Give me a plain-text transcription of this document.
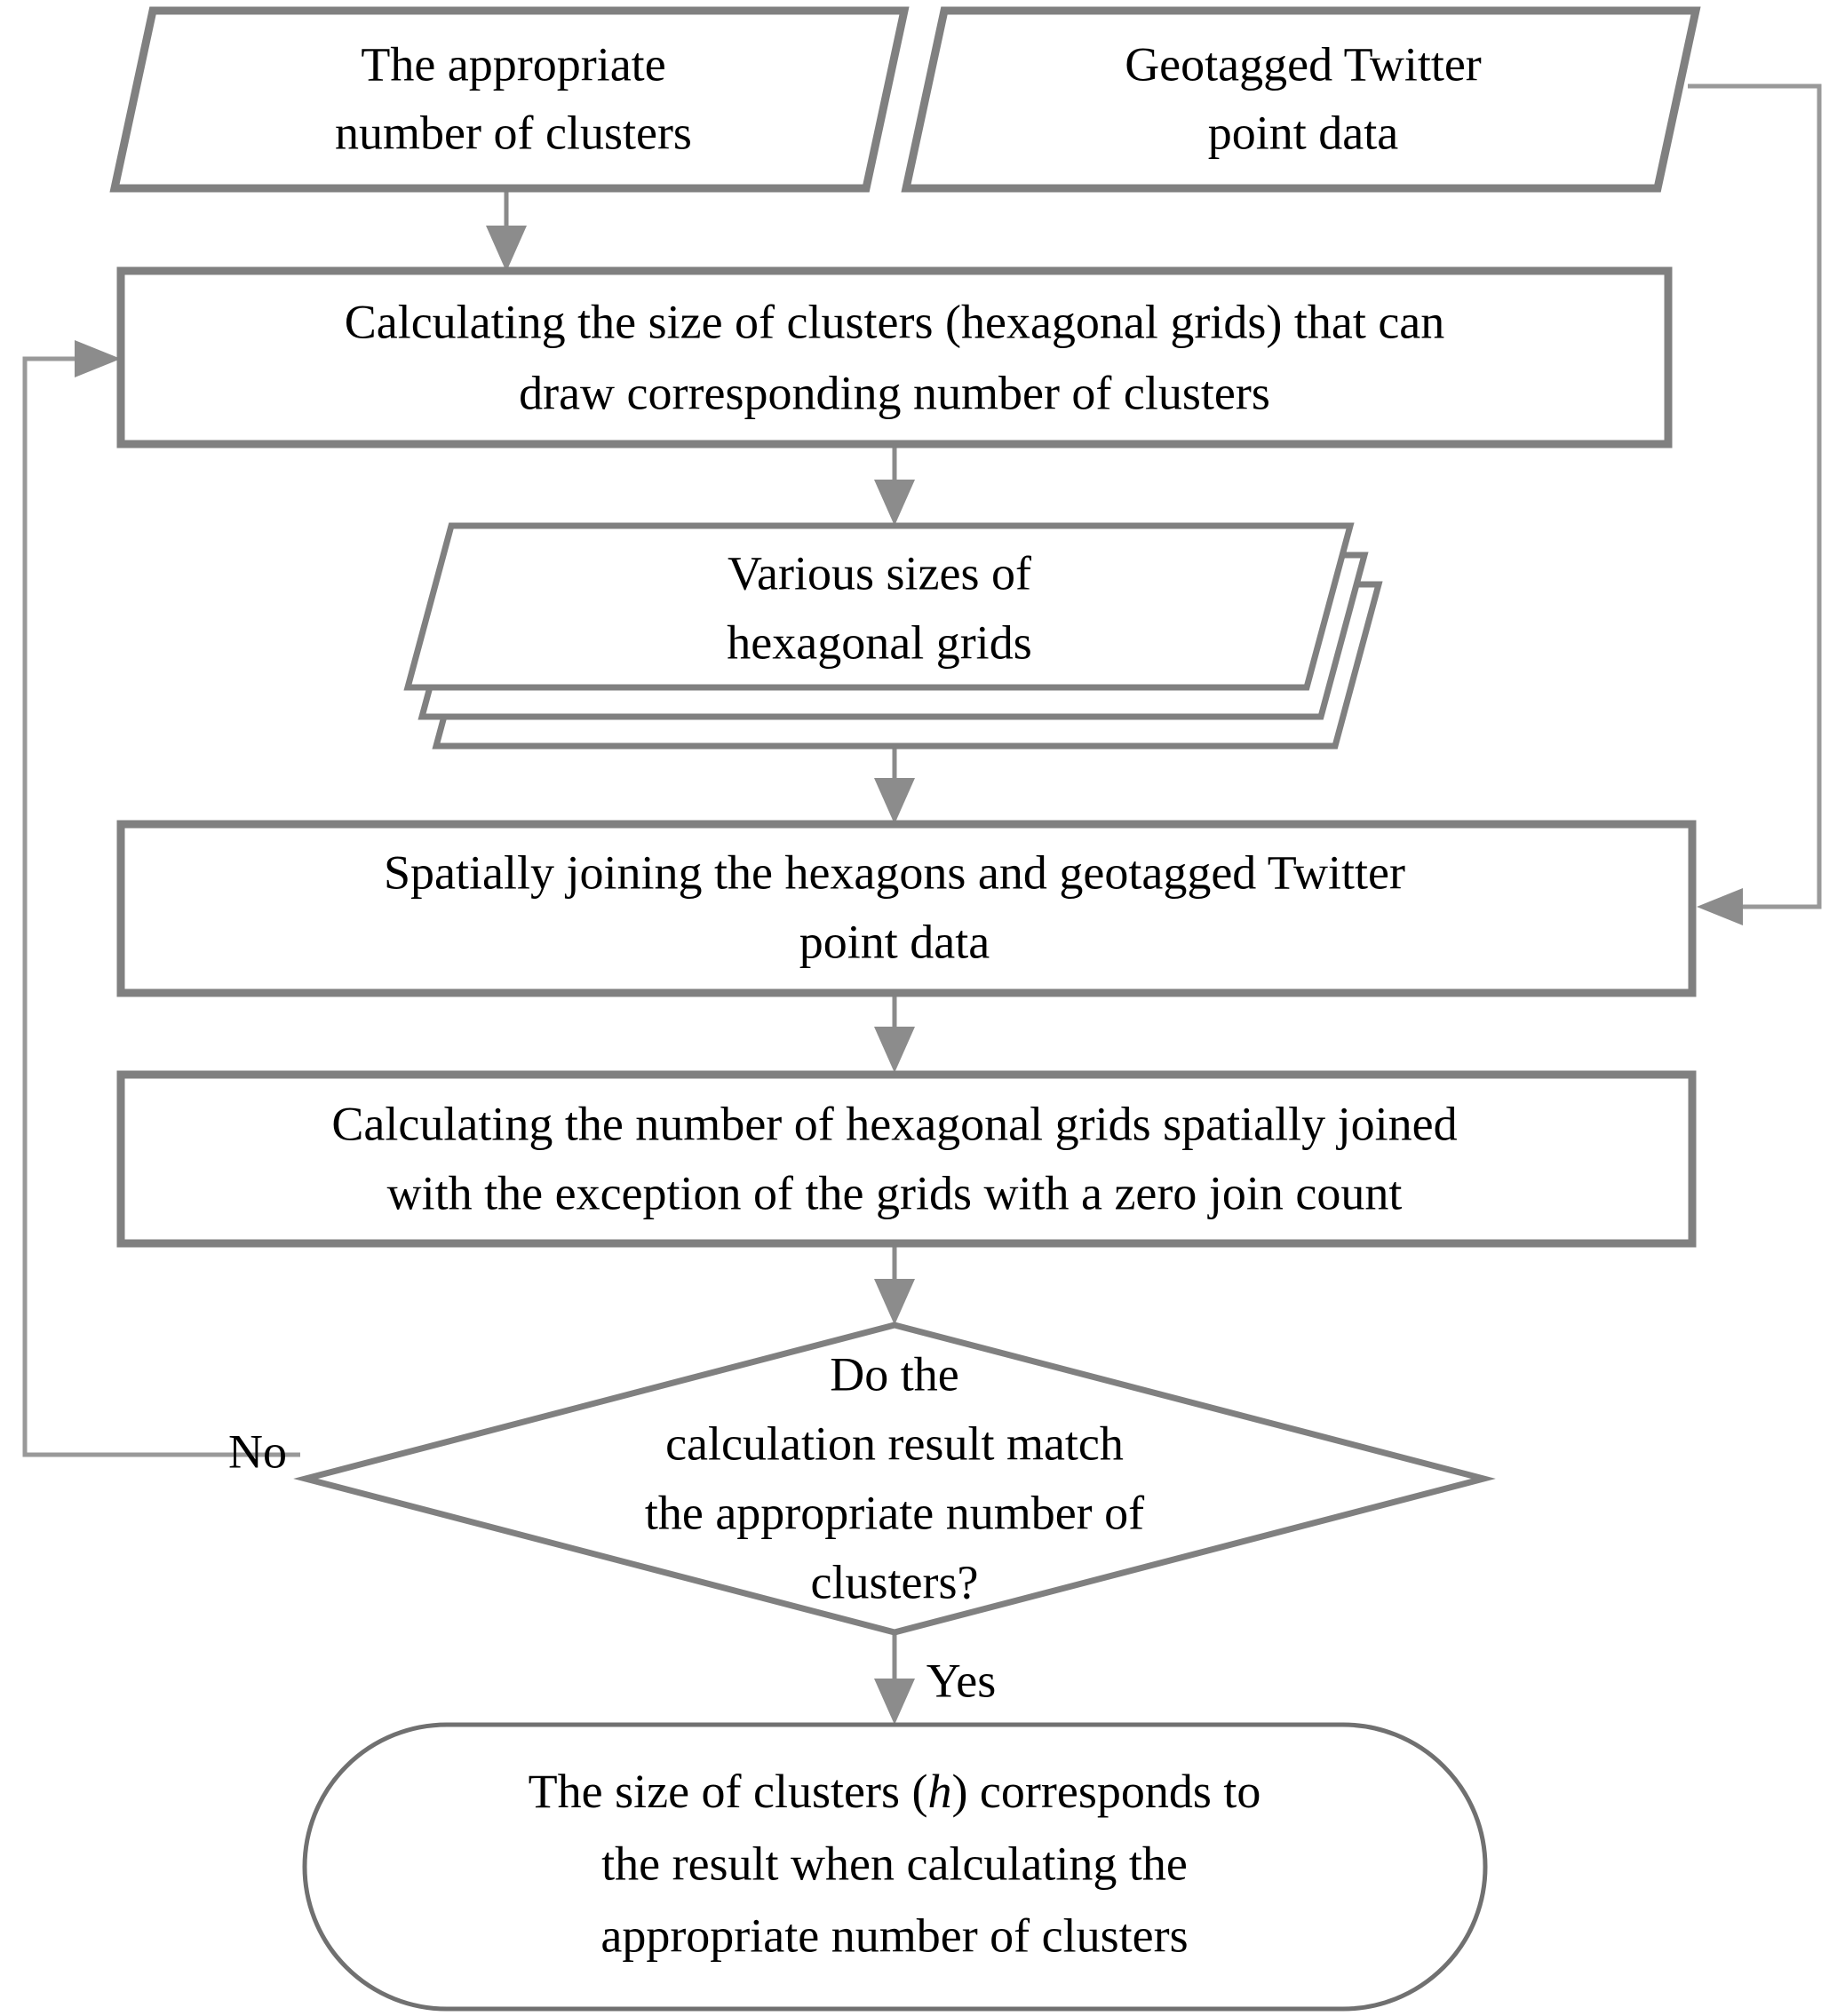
The appropriate
number of clusters
Geotagged Twitter
point data
Calculating the size of clusters (hexagonal grids) that can
draw corresponding number of clusters
Various sizes of
hexagonal grids
Spatially joining the hexagons and geotagged Twitter
point data
Calculating the number of hexagonal grids spatially joined
with the exception of the grids with a zero join count
Do the
calculation result match
the appropriate number of
clusters?
The size of clusters (h) corresponds to
the result when calculating the
appropriate number of clusters
No
Yes
